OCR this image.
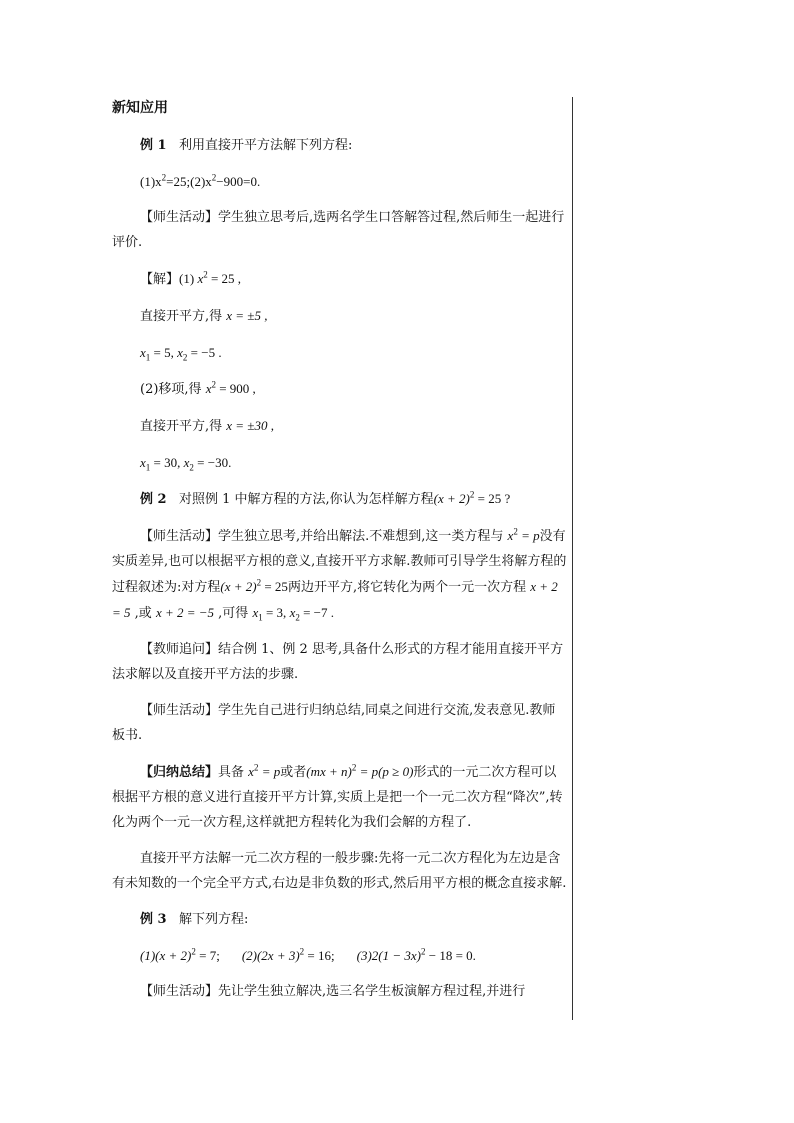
新知应用
例 1 利用直接开平方法解下列方程:
$(1)x^2=25;(2)x^2-900=0$.
【师生活动】学生独立思考后,选两名学生口答解答过程,然后师生一起进行评价.
【解】(1) $x^2 = 25$ ,
直接开平方,得 x = ±5 ,
$x_1 = 5$, $x_2 = -5$ .
(2)移项,得 $x^2 = 900$ ,
直接开平方,得 x = ±30 ,
$x_1 = 30$, $x_2 = -30$.
例 2 对照例 1 中解方程的方法,你认为怎样解方程$(x + 2)^2 = 25$ ?
【师生活动】学生独立思考,并给出解法.不难想到,这一类方程与 $x^2 = p$没有实质差异,也可以根据平方根的意义,直接开平方求解.教师可引导学生将解方程的过程叙述为:对方程$(x + 2)^2 = 25$两边开平方,将它转化为两个一元一次方程 x + 2 = 5 ,或 x + 2 = −5 ,可得 $x_1 = 3$, $x_2 = -7$ .
【教师追问】结合例 1、例 2 思考,具备什么形式的方程才能用直接开平方法求解以及直接开平方法的步骤.
【师生活动】学生先自己进行归纳总结,同桌之间进行交流,发表意见.教师板书.
【归纳总结】具备 $x^2 = p$或者(mx + n)$^2$ = p(p ≥ 0)形式的一元二次方程可以根据平方根的意义进行直接开平方计算,实质上是把一个一元二次方程“降次”,转化为两个一元一次方程,这样就把方程转化为我们会解的方程了.
直接开平方法解一元二次方程的一般步骤:先将一元二次方程化为左边是含有未知数的一个完全平方式,右边是非负数的形式,然后用平方根的概念直接求解.
例 3 解下列方程:
$(1)(x + 2)^2 = 7$; $(2)(2x + 3)^2 = 16$; $(3)2(1 - 3x)^2 - 18 = 0$.
【师生活动】先让学生独立解决,选三名学生板演解方程过程,并进行
